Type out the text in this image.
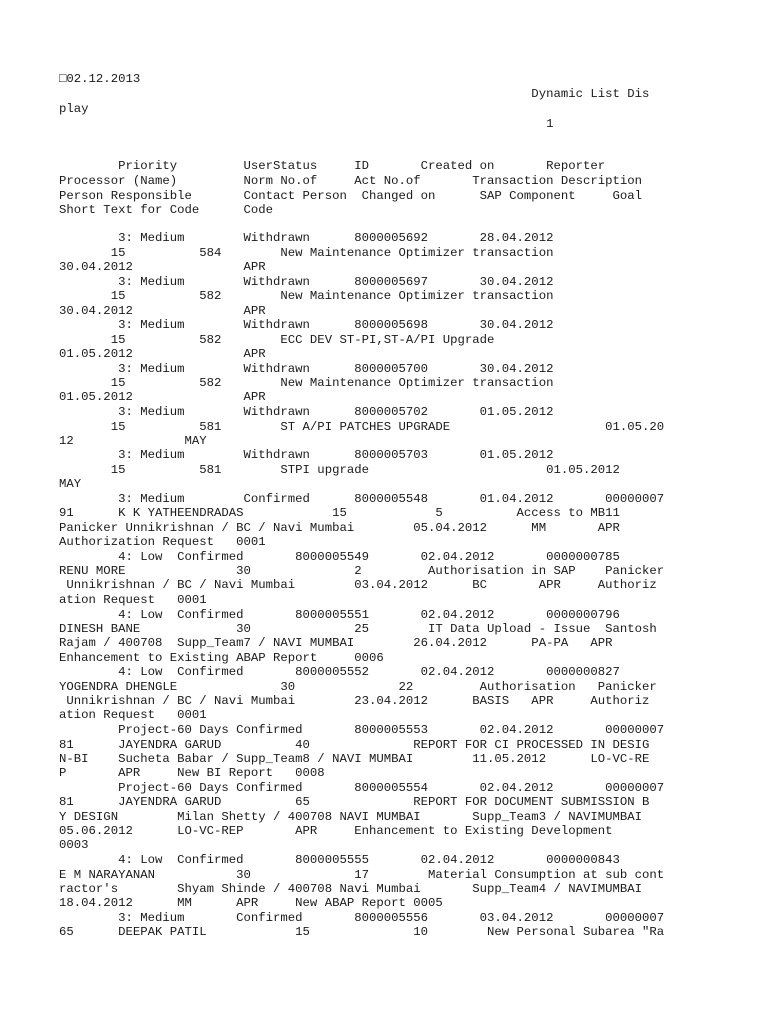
□02.12.2013
Dynamic List Dis
play
1
Priority         UserStatus     ID       Created on       Reporter
Processor (Name)         Norm No.of     Act No.of       Transaction Description
Person Responsible       Contact Person  Changed on      SAP Component     Goal
Short Text for Code      Code
3: Medium        Withdrawn      8000005692       28.04.2012
15          584        New Maintenance Optimizer transaction
30.04.2012               APR
3: Medium        Withdrawn      8000005697       30.04.2012
15          582        New Maintenance Optimizer transaction
30.04.2012               APR
3: Medium        Withdrawn      8000005698       30.04.2012
15          582        ECC DEV ST-PI,ST-A/PI Upgrade
01.05.2012               APR
3: Medium        Withdrawn      8000005700       30.04.2012
15          582        New Maintenance Optimizer transaction
01.05.2012               APR
3: Medium        Withdrawn      8000005702       01.05.2012
15          581        ST A/PI PATCHES UPGRADE                     01.05.20
12               MAY
3: Medium        Withdrawn      8000005703       01.05.2012
15          581        STPI upgrade                        01.05.2012
MAY
3: Medium        Confirmed      8000005548       01.04.2012       00000007
91      K K YATHEENDRADAS            15            5          Access to MB11
Panicker Unnikrishnan / BC / Navi Mumbai        05.04.2012      MM       APR
Authorization Request   0001
4: Low  Confirmed       8000005549       02.04.2012       0000000785
RENU MORE               30              2         Authorisation in SAP    Panicker
Unnikrishnan / BC / Navi Mumbai        03.04.2012      BC       APR     Authoriz
ation Request   0001
4: Low  Confirmed       8000005551       02.04.2012       0000000796
DINESH BANE             30              25        IT Data Upload - Issue  Santosh
Rajam / 400708  Supp_Team7 / NAVI MUMBAI        26.04.2012      PA-PA   APR
Enhancement to Existing ABAP Report     0006
4: Low  Confirmed       8000005552       02.04.2012       0000000827
YOGENDRA DHENGLE              30              22         Authorisation   Panicker
Unnikrishnan / BC / Navi Mumbai        23.04.2012      BASIS   APR     Authoriz
ation Request   0001
Project-60 Days Confirmed       8000005553       02.04.2012       00000007
81      JAYENDRA GARUD          40              REPORT FOR CI PROCESSED IN DESIG
N-BI    Sucheta Babar / Supp_Team8 / NAVI MUMBAI        11.05.2012      LO-VC-RE
P       APR     New BI Report   0008
Project-60 Days Confirmed       8000005554       02.04.2012       00000007
81      JAYENDRA GARUD          65              REPORT FOR DOCUMENT SUBMISSION B
Y DESIGN        Milan Shetty / 400708 NAVI MUMBAI       Supp_Team3 / NAVIMUMBAI
05.06.2012      LO-VC-REP       APR     Enhancement to Existing Development
0003
4: Low  Confirmed       8000005555       02.04.2012       0000000843
E M NARAYANAN           30              17        Material Consumption at sub cont
ractor's        Shyam Shinde / 400708 Navi Mumbai       Supp_Team4 / NAVIMUMBAI
18.04.2012      MM      APR     New ABAP Report 0005
3: Medium       Confirmed       8000005556       03.04.2012       00000007
65      DEEPAK PATIL            15              10        New Personal Subarea "Ra
